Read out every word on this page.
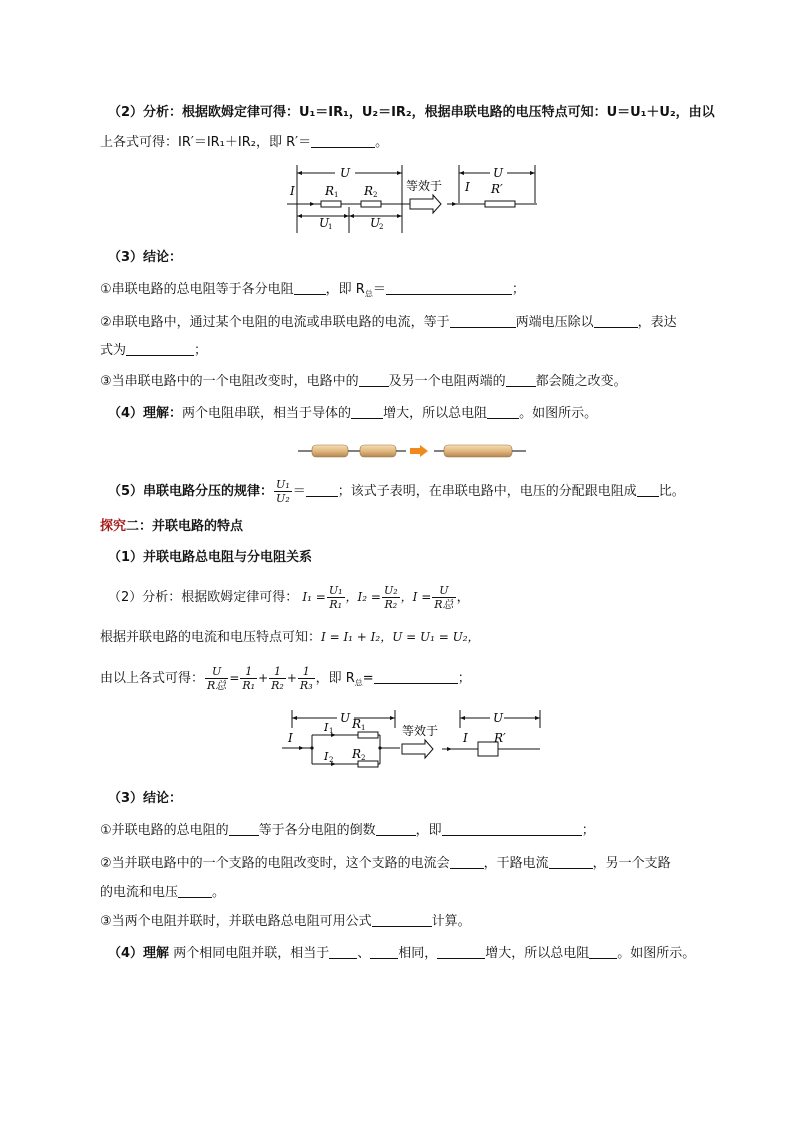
（2）分析：根据欧姆定律可得：U₁＝IR₁，U₂＝IR₂，根据串联电路的电压特点可知：U＝U₁＋U₂，由以
上各式可得：IR′＝IR₁＋IR₂，即 R′＝	。
U
I	R 1 R 2
U
1	U
2
等效于
U
I R′
（3）结论：
①串联电路的总电阻等于各分电阻 ，即 $R_总=$	；
②串联电路中，通过某个电阻的电流或串联电路的电流，等于	两端电压除以	，表达
式为	；
③当串联电路中的一个电阻改变时，电路中的 及另一个电阻两端的 都会随之改变。
（4）理解：两个电阻串联，相当于导体的 增大，所以总电阻 。如图所示。
（5）串联电路分压的规律： $\frac{\text{U₁}}{\text{U₂}}$ ＝ ；该式子表明，在串联电路中，电压的分配跟电阻成 比。
探究二：并联电路的特点
（1）并联电路总电阻与分电阻关系
（2）分析：根据欧姆定律可得： $I_1 = \frac{\text{U₁}}{\text{R₁}}$ ，$I_2 = \frac{\text{U₂}}{\text{R₂}}$ ，$I = \frac{U}{\text{R总}}$ ，
根据并联电路的电流和电压特点可知：I = I₁ + I₂，U = U₁ = U₂，
由以上各式可得： $\frac{U}{\text{R总}} = \frac{1}{\text{R₁}} + \frac{1}{\text{R₂}} + \frac{1}{\text{R₃}}$ ，即 $R_总=$	；
U
I
I 1
I 2
R 1
R 2
等效于
U
I R′
（3）结论：
①并联电路的总电阻的 等于各分电阻的倒数	，即	；
②当并联电路中的一个支路的电阻改变时，这个支路的电流会	，干路电流	，另一个支路
的电流和电压	。
③当两个电阻并联时，并联电路总电阻可用公式	计算。
（4）理解 两个相同电阻并联，相当于 、 相同，	增大，所以总电阻 。如图所示。
